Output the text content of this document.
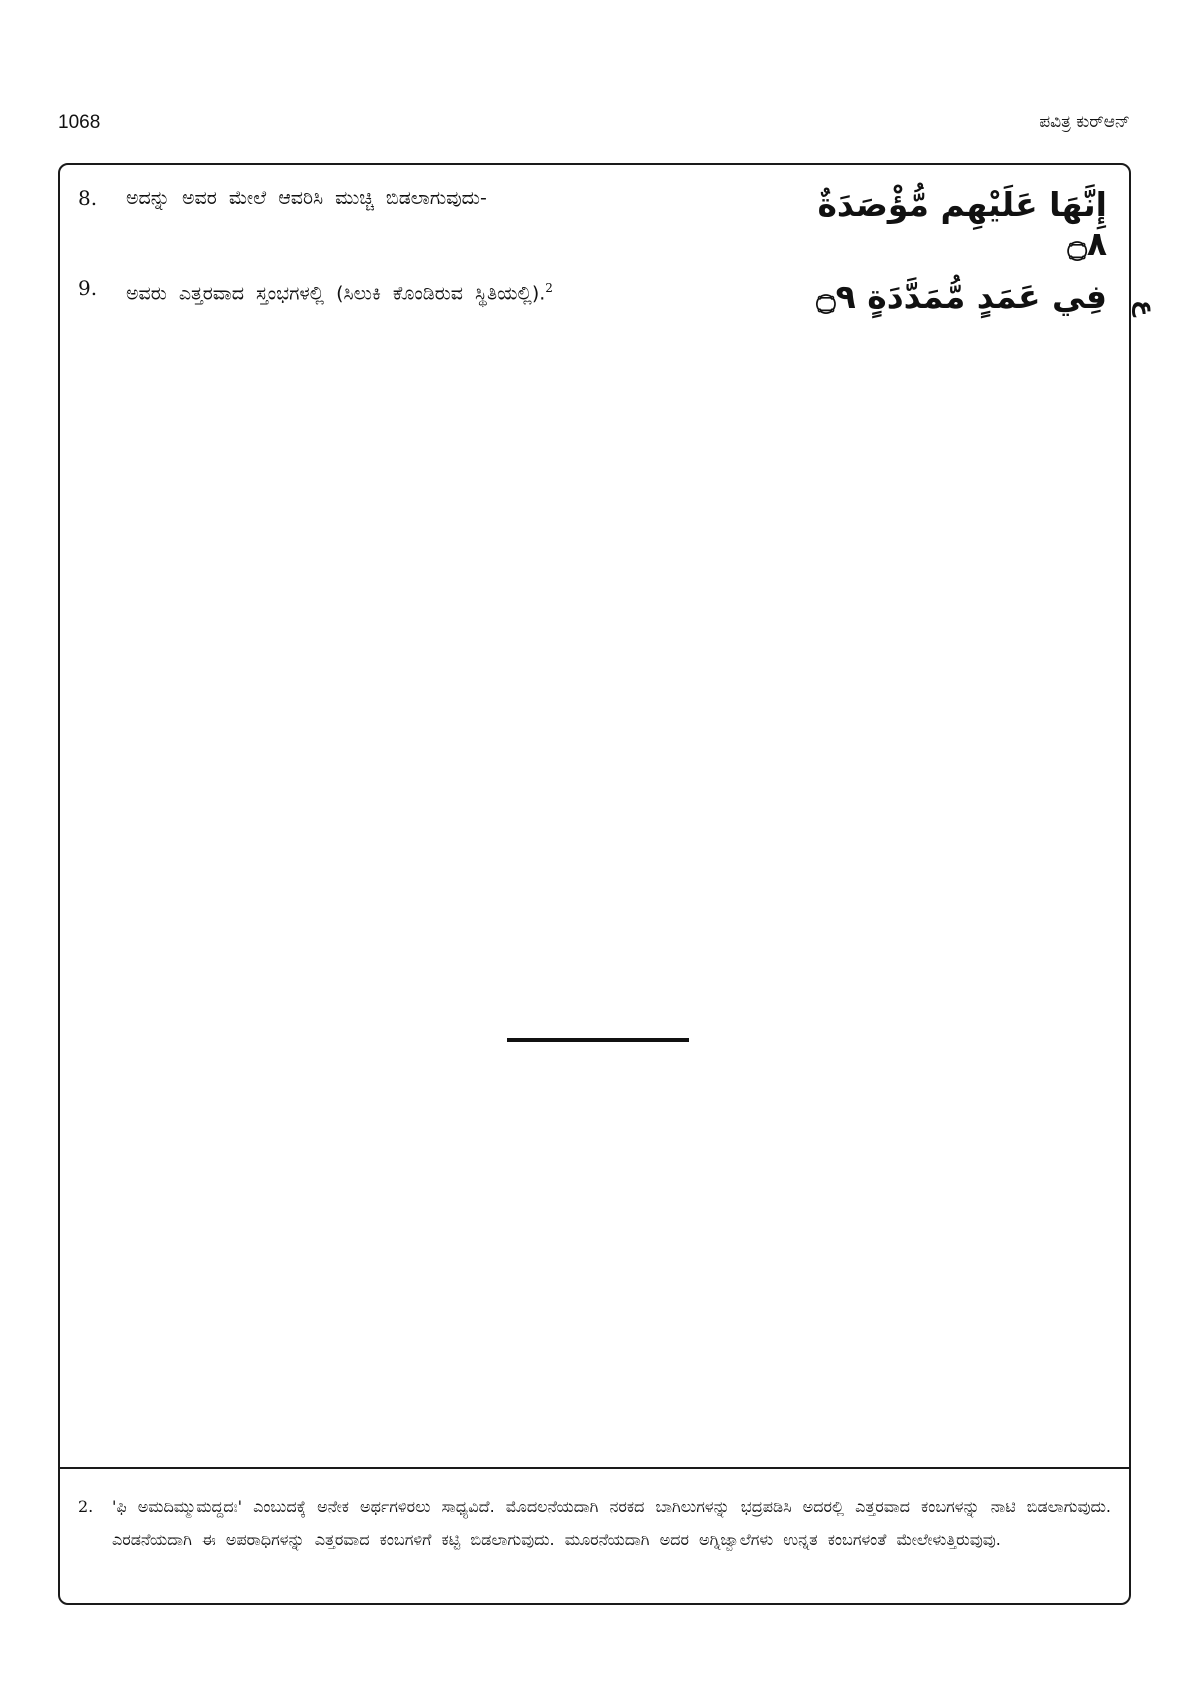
1068	ಪವಿತ್ರ ಕುರ್‌ಆನ್
8.	ಅದನ್ನು ಅವರ ಮೇಲೆ ಆವರಿಸಿ ಮುಚ್ಚಿ ಬಿಡಲಾಗುವುದು-	إِنَّهَا عَلَيْهِم مُّؤْصَدَةٌ ۝٨
9.	ಅವರು ಎತ್ತರವಾದ ಸ್ತಂಭಗಳಲ್ಲಿ (ಸಿಲುಕಿ ಕೊಂಡಿರುವ ಸ್ಥಿತಿಯಲ್ಲಿ).$^2$	فِي عَمَدٍ مُّمَدَّدَةٍ ۝٩
2.	'ಫಿ ಅಮದಿಮ್ಮುಮದ್ದದಃ' ಎಂಬುದಕ್ಕೆ ಅನೇಕ ಅರ್ಥಗಳಿರಲು ಸಾಧ್ಯವಿದೆ. ಮೊದಲನೆಯದಾಗಿ ನರಕದ ಬಾಗಿಲುಗಳನ್ನು ಭದ್ರಪಡಿಸಿ ಅದರಲ್ಲಿ ಎತ್ತರವಾದ ಕಂಬಗಳನ್ನು ನಾಟಿ ಬಿಡಲಾಗುವುದು. ಎರಡನೆಯದಾಗಿ ಈ ಅಪರಾಧಿಗಳನ್ನು ಎತ್ತರವಾದ ಕಂಬಗಳಿಗೆ ಕಟ್ಟಿ ಬಿಡಲಾಗುವುದು. ಮೂರನೆಯದಾಗಿ ಅದರ ಅಗ್ನಿಜ್ವಾಲೆಗಳು ಉನ್ನತ ಕಂಬಗಳಂತೆ ಮೇಲೇಳುತ್ತಿರುವುವು.
ع
